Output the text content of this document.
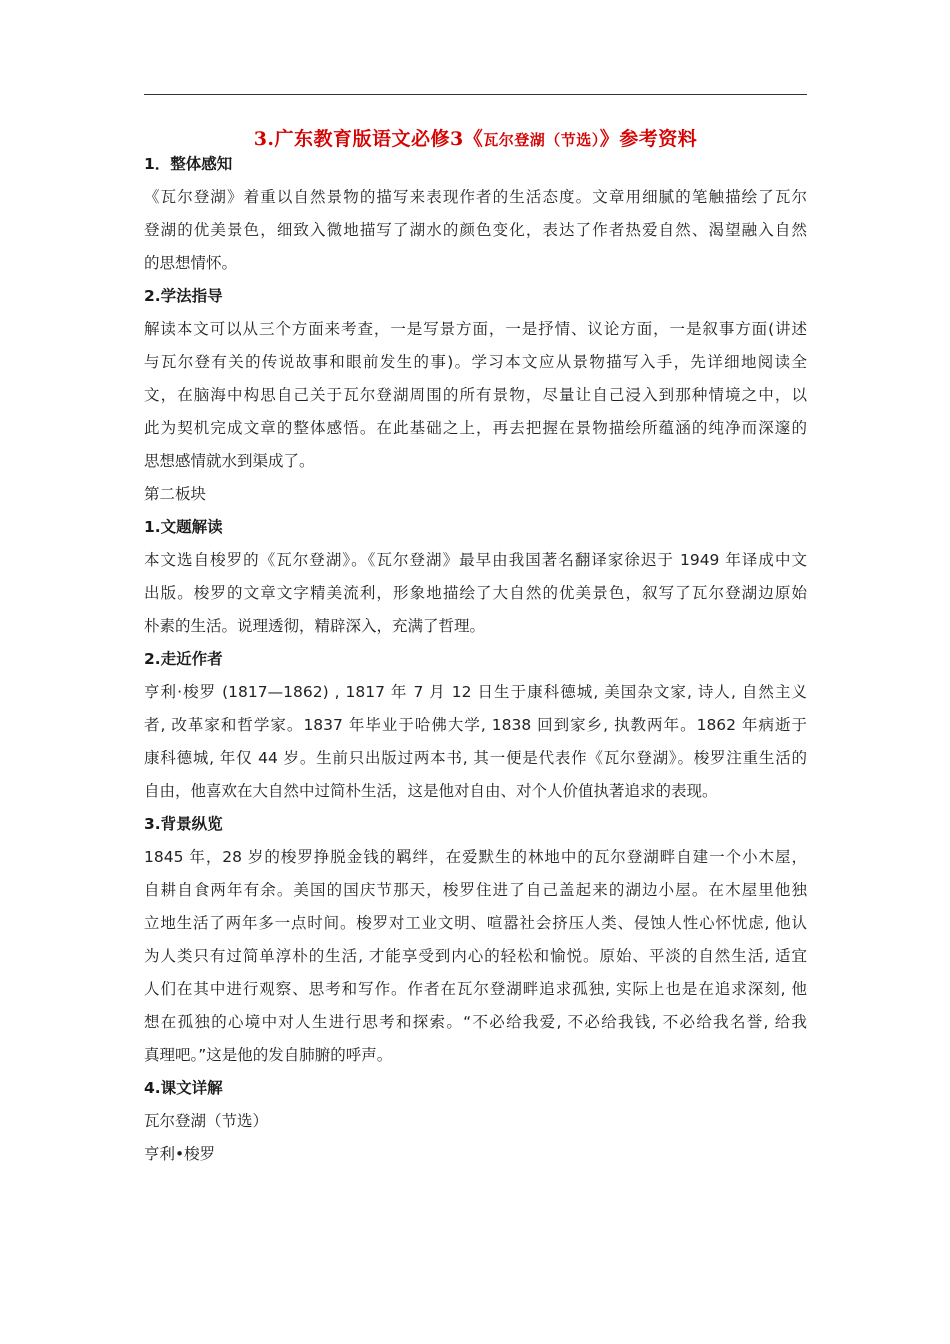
3.广东教育版语文必修3《瓦尔登湖（节选）》参考资料
1．整体感知
《瓦尔登湖》着重以自然景物的描写来表现作者的生活态度。文章用细腻的笔触描绘了瓦尔
登湖的优美景色，细致入微地描写了湖水的颜色变化，表达了作者热爱自然、渴望融入自然
的思想情怀。
2.学法指导
解读本文可以从三个方面来考查，一是写景方面，一是抒情、议论方面，一是叙事方面(讲述
与瓦尔登有关的传说故事和眼前发生的事)。学习本文应从景物描写入手，先详细地阅读全
文，在脑海中构思自己关于瓦尔登湖周围的所有景物，尽量让自己浸入到那种情境之中，以
此为契机完成文章的整体感悟。在此基础之上，再去把握在景物描绘所蕴涵的纯净而深邃的
思想感情就水到渠成了。
第二板块
1.文题解读
本文选自梭罗的《瓦尔登湖》。《瓦尔登湖》最早由我国著名翻译家徐迟于 1949 年译成中文
出版。梭罗的文章文字精美流利，形象地描绘了大自然的优美景色，叙写了瓦尔登湖边原始
朴素的生活。说理透彻，精辟深入，充满了哲理。
2.走近作者
亨利·梭罗 (1817—1862) , 1817 年 7 月 12 日生于康科德城, 美国杂文家, 诗人, 自然主义
者, 改革家和哲学家。1837 年毕业于哈佛大学, 1838 回到家乡, 执教两年。1862 年病逝于
康科德城, 年仅 44 岁。生前只出版过两本书, 其一便是代表作《瓦尔登湖》。梭罗注重生活的
自由，他喜欢在大自然中过简朴生活，这是他对自由、对个人价值执著追求的表现。
3.背景纵览
1845 年，28 岁的梭罗挣脱金钱的羁绊，在爱默生的林地中的瓦尔登湖畔自建一个小木屋，
自耕自食两年有余。美国的国庆节那天，梭罗住进了自己盖起来的湖边小屋。在木屋里他独
立地生活了两年多一点时间。梭罗对工业文明、喧嚣社会挤压人类、侵蚀人性心怀忧虑, 他认
为人类只有过简单淳朴的生活, 才能享受到内心的轻松和愉悦。原始、平淡的自然生活, 适宜
人们在其中进行观察、思考和写作。作者在瓦尔登湖畔追求孤独, 实际上也是在追求深刻, 他
想在孤独的心境中对人生进行思考和探索。“不必给我爱, 不必给我钱, 不必给我名誉, 给我
真理吧。”这是他的发自肺腑的呼声。
4.课文详解
瓦尔登湖（节选）
亨利•梭罗
